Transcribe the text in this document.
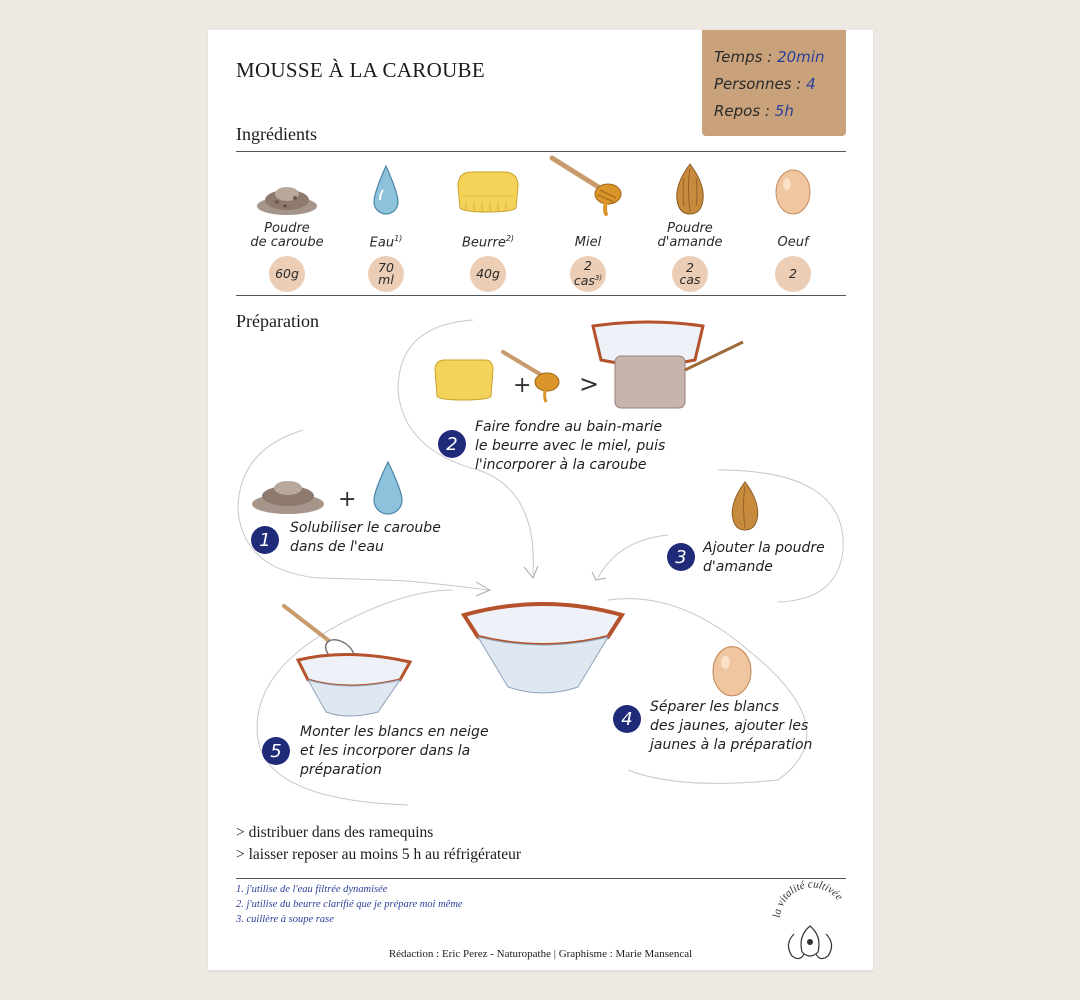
MOUSSE À LA CAROUBE
Temps : 20min
Personnes : 4
Repos : 5h
Ingrédients
Poudre
de caroube
60g
Eau$^{1)}$
70
ml
Beurre$^{2)}$
40g
Miel
2
cas$^{3)}$
Poudre
d'amande
2
cas
Oeuf
2
Préparation
+ >
2
Faire fondre au bain-marie
le beurre avec le miel, puis
l'incorporer à la caroube
+
1
Solubiliser le caroube
dans de l'eau	3	Ajouter la poudre
d'amande
5
Monter les blancs en neige
et les incorporer dans la
préparation
4
Séparer les blancs
des jaunes, ajouter les
jaunes à la préparation
> distribuer dans des ramequins
> laisser reposer au moins 5 h au réfrigérateur
1. j'utilise de l'eau filtrée dynamisée
2. j'utilise du beurre clarifié que je prépare moi même
3. cuillère à soupe rase	la vitalité cultivée
Rédaction : Eric Perez - Naturopathe | Graphisme : Marie Mansencal
